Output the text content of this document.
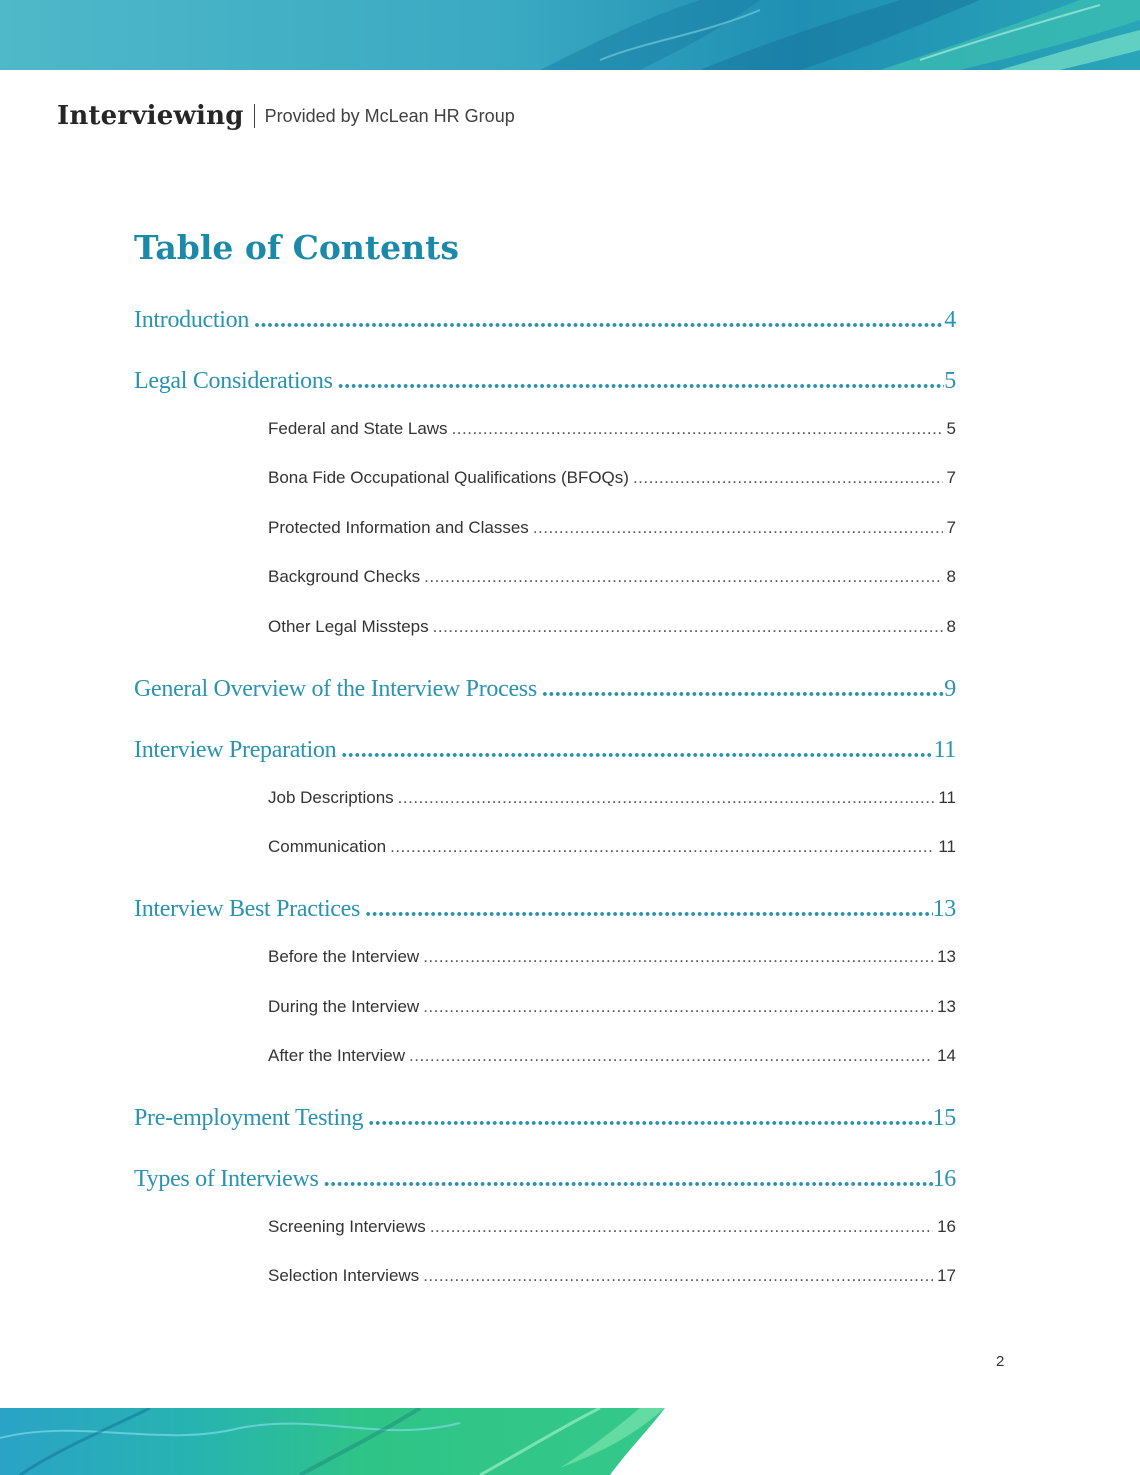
Interviewing Provided by McLean HR Group
Table of Contents
Introduction .....	4
Legal Considerations .....	5
Federal and State Laws .....	5
Bona Fide Occupational Qualifications (BFOQs) .....	7
Protected Information and Classes .....	7
Background Checks .....	8
Other Legal Missteps .....	8
General Overview of the Interview Process .....	9
Interview Preparation .....	11
Job Descriptions .....	11
Communication .....	11
Interview Best Practices .....	13
Before the Interview .....	13
During the Interview .....	13
After the Interview .....	14
Pre-employment Testing .....	15
Types of Interviews .....	16
Screening Interviews .....	16
Selection Interviews .....	17
2
